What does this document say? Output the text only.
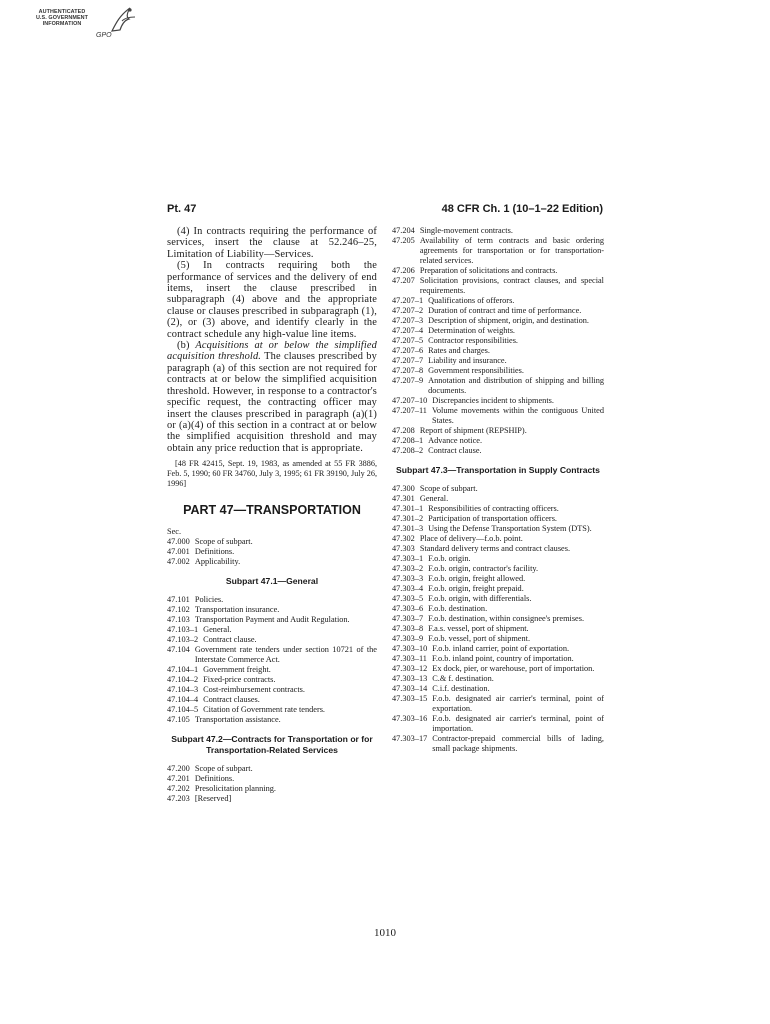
AUTHENTICATED
U.S. GOVERNMENT
INFORMATION
GPO
Pt. 47	48 CFR Ch. 1 (10–1–22 Edition)

(4) In contracts requiring the performance of services, insert the clause at 52.246–25, Limitation of Liability—Services.

(5) In contracts requiring both the performance of services and the delivery of end items, insert the clause prescribed in subparagraph (4) above and the appropriate clause or clauses prescribed in subparagraph (1), (2), or (3) above, and identify clearly in the contract schedule any high-value line items.

(b) Acquisitions at or below the simplified acquisition threshold. The clauses prescribed by paragraph (a) of this section are not required for contracts at or below the simplified acquisition threshold. However, in response to a contractor's specific request, the contracting officer may insert the clauses prescribed in paragraph (a)(1) or (a)(4) of this section in a contract at or below the simplified acquisition threshold and may obtain any price reduction that is appropriate.

[48 FR 42415, Sept. 19, 1983, as amended at 55 FR 3886, Feb. 5, 1990; 60 FR 34760, July 3, 1995; 61 FR 39190, July 26, 1996]

PART 47—TRANSPORTATION

Sec.

47.000 Scope of subpart.
47.001 Definitions.
47.002 Applicability.
Subpart 47.1—General
47.101 Policies.
47.102 Transportation insurance.
47.103 Transportation Payment and Audit Regulation.
47.103–1 General.
47.103–2 Contract clause.
47.104 Government rate tenders under section 10721 of the Interstate Commerce Act.
47.104–1 Government freight.
47.104–2 Fixed-price contracts.
47.104–3 Cost-reimbursement contracts.
47.104–4 Contract clauses.
47.104–5 Citation of Government rate tenders.
47.105 Transportation assistance.
Subpart 47.2—Contracts for Transportation or for Transportation-Related Services
47.200 Scope of subpart.
47.201 Definitions.
47.202 Presolicitation planning.
47.203 [Reserved]
47.204 Single-movement contracts.
47.205 Availability of term contracts and basic ordering agreements for transportation or for transportation-related services.
47.206 Preparation of solicitations and contracts.
47.207 Solicitation provisions, contract clauses, and special requirements.
47.207–1 Qualifications of offerors.
47.207–2 Duration of contract and time of performance.
47.207–3 Description of shipment, origin, and destination.
47.207–4 Determination of weights.
47.207–5 Contractor responsibilities.
47.207–6 Rates and charges.
47.207–7 Liability and insurance.
47.207–8 Government responsibilities.
47.207–9 Annotation and distribution of shipping and billing documents.
47.207–10 Discrepancies incident to shipments.
47.207–11 Volume movements within the contiguous United States.
47.208 Report of shipment (REPSHIP).
47.208–1 Advance notice.
47.208–2 Contract clause.
Subpart 47.3—Transportation in Supply Contracts
47.300 Scope of subpart.
47.301 General.
47.301–1 Responsibilities of contracting officers.
47.301–2 Participation of transportation officers.
47.301–3 Using the Defense Transportation System (DTS).
47.302 Place of delivery—f.o.b. point.
47.303 Standard delivery terms and contract clauses.
47.303–1 F.o.b. origin.
47.303–2 F.o.b. origin, contractor's facility.
47.303–3 F.o.b. origin, freight allowed.
47.303–4 F.o.b. origin, freight prepaid.
47.303–5 F.o.b. origin, with differentials.
47.303–6 F.o.b. destination.
47.303–7 F.o.b. destination, within consignee's premises.
47.303–8 F.a.s. vessel, port of shipment.
47.303–9 F.o.b. vessel, port of shipment.
47.303–10 F.o.b. inland carrier, point of exportation.
47.303–11 F.o.b. inland point, country of importation.
47.303–12 Ex dock, pier, or warehouse, port of importation.
47.303–13 C.& f. destination.
47.303–14 C.i.f. destination.
47.303–15 F.o.b. designated air carrier's terminal, point of exportation.
47.303–16 F.o.b. designated air carrier's terminal, point of importation.
47.303–17 Contractor-prepaid commercial bills of lading, small package shipments.
1010
